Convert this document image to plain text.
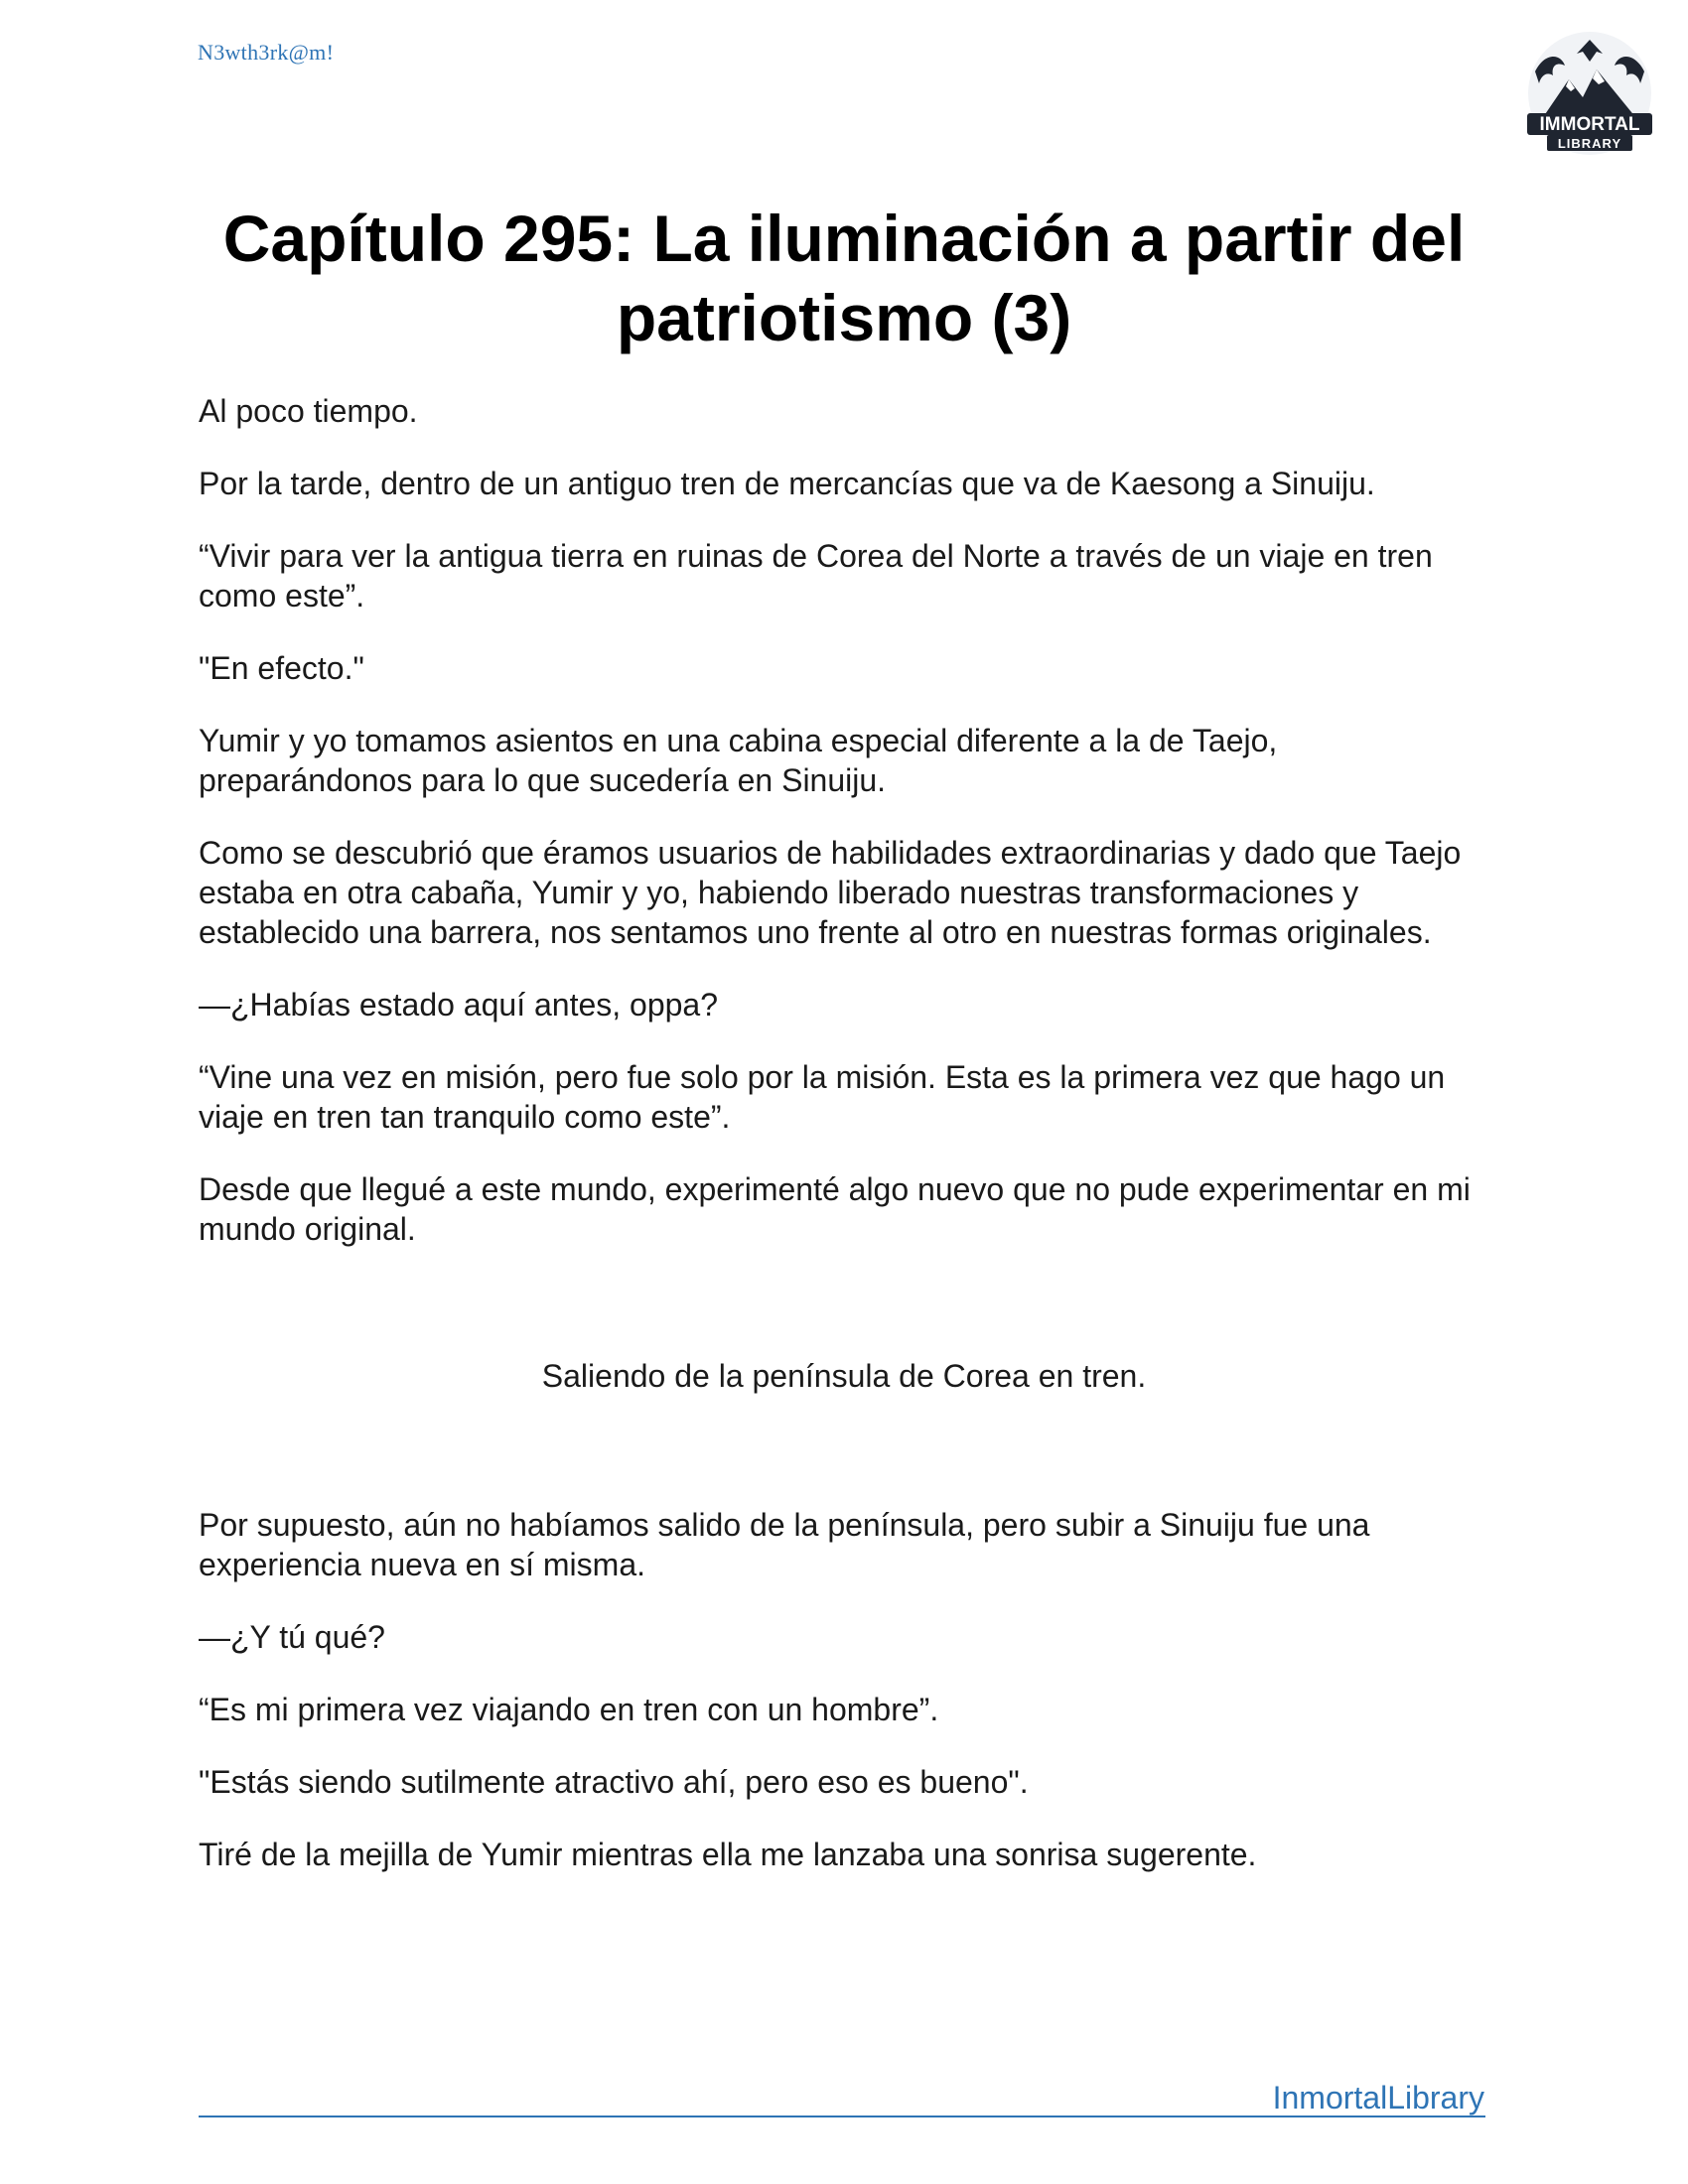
N3wth3rk@m!
IMMORTAL
LIBRARY
Capítulo 295: La iluminación a partir del
patriotismo (3)

Al poco tiempo.

Por la tarde, dentro de un antiguo tren de mercancías que va de Kaesong a Sinuiju.

“Vivir para ver la antigua tierra en ruinas de Corea del Norte a través de un viaje en tren como este”.

"En efecto."

Yumir y yo tomamos asientos en una cabina especial diferente a la de Taejo, preparándonos para lo que sucedería en Sinuiju.

Como se descubrió que éramos usuarios de habilidades extraordinarias y dado que Taejo estaba en otra cabaña, Yumir y yo, habiendo liberado nuestras transformaciones y establecido una barrera, nos sentamos uno frente al otro en nuestras formas originales.

—¿Habías estado aquí antes, oppa?

“Vine una vez en misión, pero fue solo por la misión. Esta es la primera vez que hago un viaje en tren tan tranquilo como este”.

Desde que llegué a este mundo, experimenté algo nuevo que no pude experimentar en mi mundo original.

Saliendo de la península de Corea en tren.

Por supuesto, aún no habíamos salido de la península, pero subir a Sinuiju fue una experiencia nueva en sí misma.

—¿Y tú qué?

“Es mi primera vez viajando en tren con un hombre”.

"Estás siendo sutilmente atractivo ahí, pero eso es bueno".

Tiré de la mejilla de Yumir mientras ella me lanzaba una sonrisa sugerente.

InmortalLibrary
